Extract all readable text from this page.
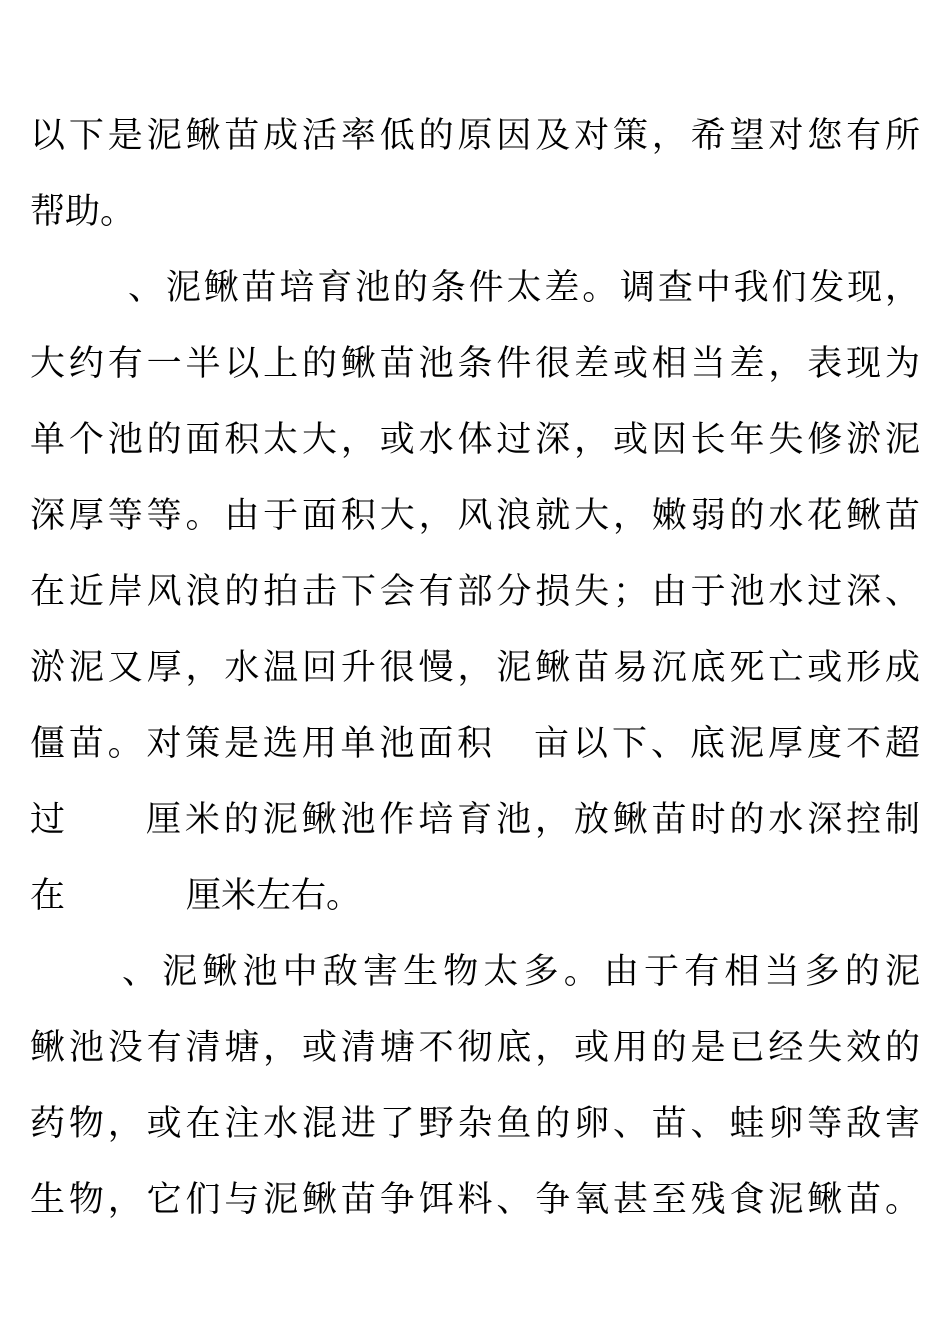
以下是泥鳅苗成活率低的原因及对策，希望对您有所
帮助。
、泥鳅苗培育池的条件太差。调查中我们发现，
大约有一半以上的鳅苗池条件很差或相当差，表现为
单个池的面积太大，或水体过深，或因长年失修淤泥
深厚等等。由于面积大，风浪就大，嫩弱的水花鳅苗
在近岸风浪的拍击下会有部分损失；由于池水过深、
淤泥又厚，水温回升很慢，泥鳅苗易沉底死亡或形成
僵苗。对策是选用单池面积 亩以下、底泥厚度不超
过 厘米的泥鳅池作培育池，放鳅苗时的水深控制
在	厘米左右。
、泥鳅池中敌害生物太多。由于有相当多的泥
鳅池没有清塘，或清塘不彻底，或用的是已经失效的
药物，或在注水混进了野杂鱼的卵、苗、蛙卵等敌害
生物，它们与泥鳅苗争饵料、争氧甚至残食泥鳅苗。
